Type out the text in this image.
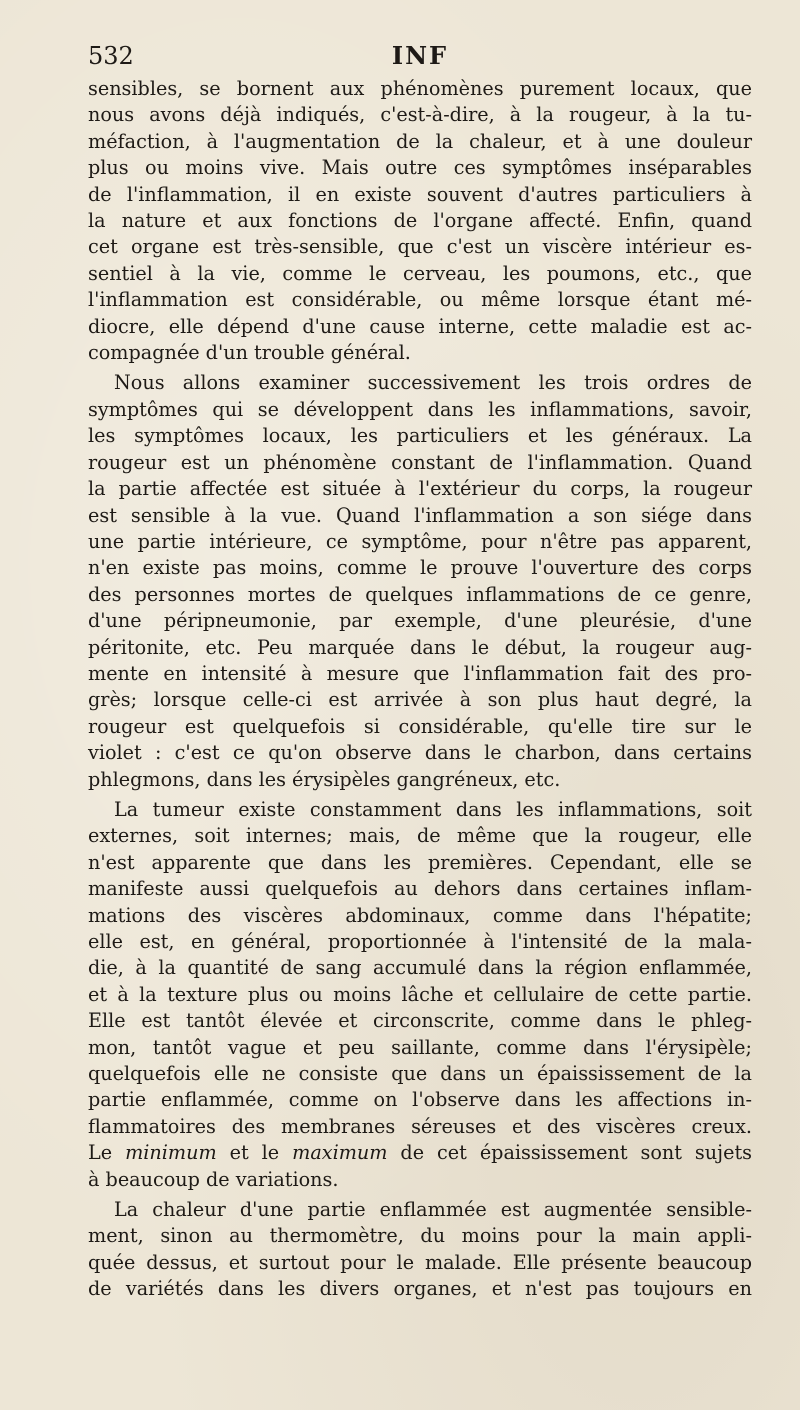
532	INF
sensibles, se bornent aux phénomènes purement locaux, que
nous avons déjà indiqués, c'est-à-dire, à la rougeur, à la tu-
méfaction, à l'augmentation de la chaleur, et à une douleur
plus ou moins vive. Mais outre ces symptômes inséparables
de l'inflammation, il en existe souvent d'autres particuliers à
la nature et aux fonctions de l'organe affecté. Enfin, quand
cet organe est très-sensible, que c'est un viscère intérieur es-
sentiel à la vie, comme le cerveau, les poumons, etc., que
l'inflammation est considérable, ou même lorsque étant mé-
diocre, elle dépend d'une cause interne, cette maladie est ac-
compagnée d'un trouble général.
Nous allons examiner successivement les trois ordres de
symptômes qui se développent dans les inflammations, savoir,
les symptômes locaux, les particuliers et les généraux. La
rougeur est un phénomène constant de l'inflammation. Quand
la partie affectée est située à l'extérieur du corps, la rougeur
est sensible à la vue. Quand l'inflammation a son siége dans
une partie intérieure, ce symptôme, pour n'être pas apparent,
n'en existe pas moins, comme le prouve l'ouverture des corps
des personnes mortes de quelques inflammations de ce genre,
d'une péripneumonie, par exemple, d'une pleurésie, d'une
péritonite, etc. Peu marquée dans le début, la rougeur aug-
mente en intensité à mesure que l'inflammation fait des pro-
grès; lorsque celle-ci est arrivée à son plus haut degré, la
rougeur est quelquefois si considérable, qu'elle tire sur le
violet : c'est ce qu'on observe dans le charbon, dans certains
phlegmons, dans les érysipèles gangréneux, etc.
La tumeur existe constamment dans les inflammations, soit
externes, soit internes; mais, de même que la rougeur, elle
n'est apparente que dans les premières. Cependant, elle se
manifeste aussi quelquefois au dehors dans certaines inflam-
mations des viscères abdominaux, comme dans l'hépatite;
elle est, en général, proportionnée à l'intensité de la mala-
die, à la quantité de sang accumulé dans la région enflammée,
et à la texture plus ou moins lâche et cellulaire de cette partie.
Elle est tantôt élevée et circonscrite, comme dans le phleg-
mon, tantôt vague et peu saillante, comme dans l'érysipèle;
quelquefois elle ne consiste que dans un épaississement de la
partie enflammée, comme on l'observe dans les affections in-
flammatoires des membranes séreuses et des viscères creux.
Le minimum et le maximum de cet épaississement sont sujets
à beaucoup de variations.
La chaleur d'une partie enflammée est augmentée sensible-
ment, sinon au thermomètre, du moins pour la main appli-
quée dessus, et surtout pour le malade. Elle présente beaucoup
de variétés dans les divers organes, et n'est pas toujours en
